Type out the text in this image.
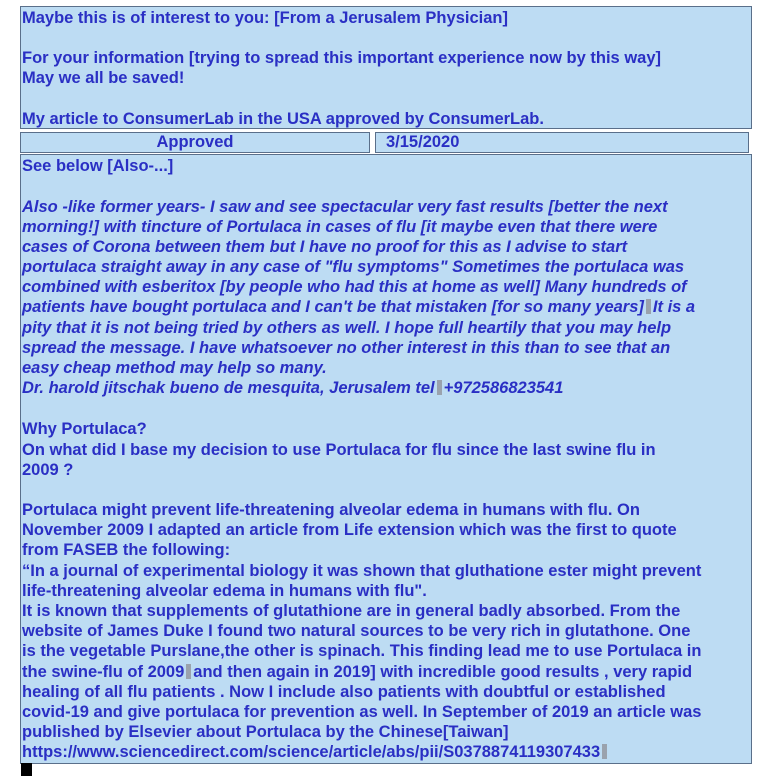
Maybe this is of interest to you: [From a Jerusalem Physician]
For your information [trying to spread this important experience now by this way]
May we all be saved!
My article to ConsumerLab in the USA approved by ConsumerLab.
Approved	3/15/2020
See below [Also-...]
Also -like former years- I saw and see spectacular very fast results [better the next
morning!] with tincture of Portulaca in cases of flu [it maybe even that there were
cases of Corona between them but I have no proof for this as I advise to start
portulaca straight away in any case of "flu symptoms" Sometimes the portulaca was
combined with esberitox [by people who had this at home as well] Many hundreds of
patients have bought portulaca and I can't be that mistaken [for so many years] It is a
pity that it is not being tried by others as well. I hope full heartily that you may help
spread the message. I have whatsoever no other interest in this than to see that an
easy cheap method may help so many.
Dr. harold jitschak bueno de mesquita, Jerusalem tel +972586823541
Why Portulaca?
On what did I base my decision to use Portulaca for flu since the last swine flu in
2009 ?
Portulaca might prevent life-threatening alveolar edema in humans with flu. On
November 2009 I adapted an article from Life extension which was the first to quote
from FASEB the following:
“In a journal of experimental biology it was shown that gluthatione ester might prevent
life-threatening alveolar edema in humans with flu".
It is known that supplements of glutathione are in general badly absorbed. From the
website of James Duke I found two natural sources to be very rich in glutathone. One
is the vegetable Purslane,the other is spinach. This finding lead me to use Portulaca in
the swine-flu of 2009 and then again in 2019] with incredible good results , very rapid
healing of all flu patients . Now I include also patients with doubtful or established
covid-19 and give portulaca for prevention as well. In September of 2019 an article was
published by Elsevier about Portulaca by the Chinese[Taiwan]
https://www.sciencedirect.com/science/article/abs/pii/S0378874119307433
